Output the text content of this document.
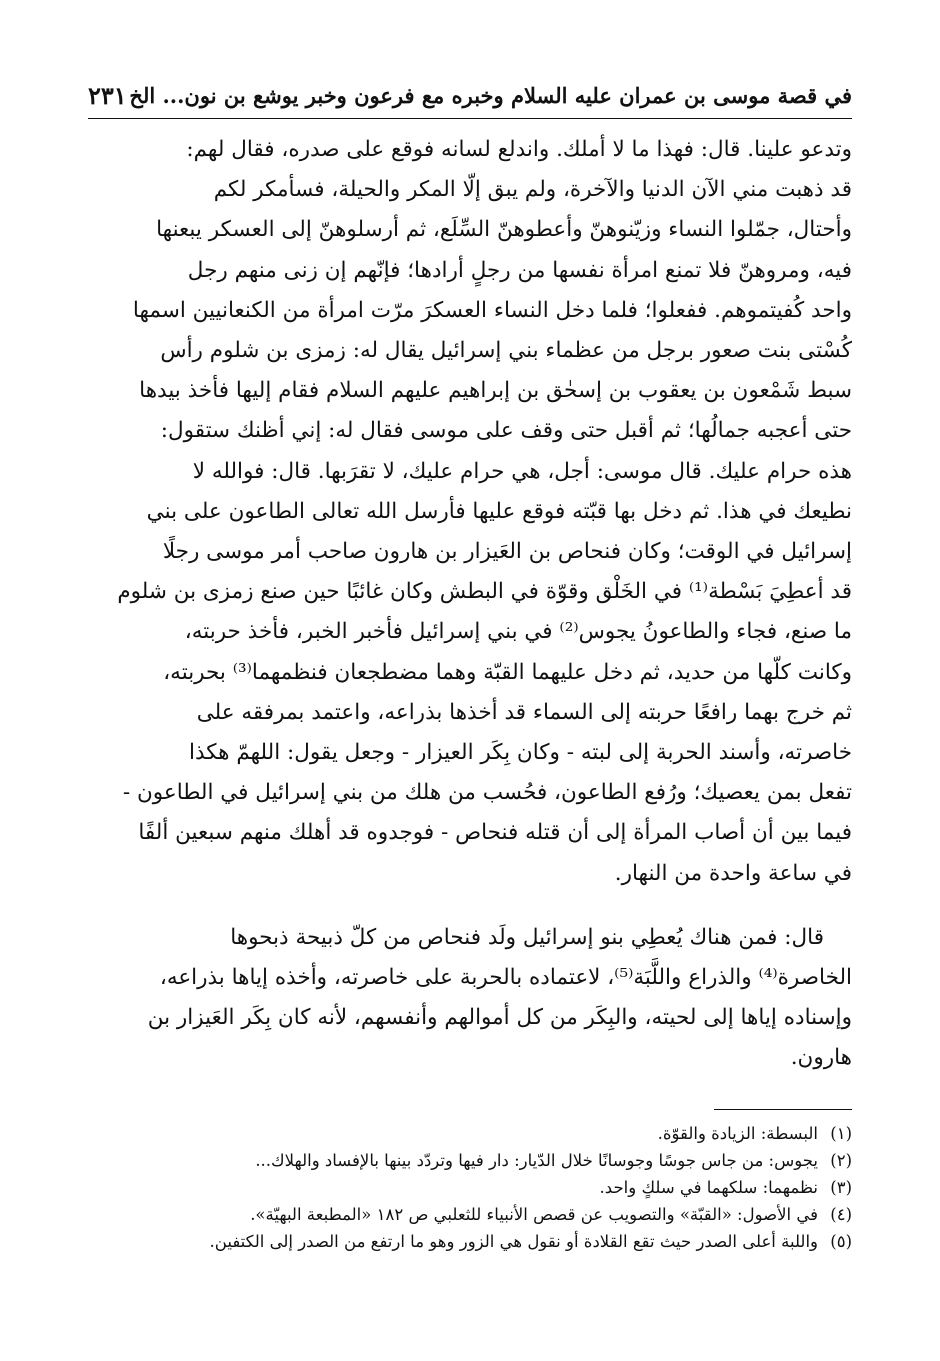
في قصة موسى بن عمران عليه السلام وخبره مع فرعون وخبر يوشع بن نون... الخ
٢٣١

وتدعو علينا. قال: فهذا ما لا أملك. واندلع لسانه فوقع على صدره، فقال لهم:
قد ذهبت مني الآن الدنيا والآخرة، ولم يبق إلّا المكر والحيلة، فسأمكر لكم
وأحتال، جمّلوا النساء وزيّنوهنّ وأعطوهنّ السِّلَع، ثم أرسلوهنّ إلى العسكر يبعنها
فيه، ومروهنّ فلا تمنع امرأة نفسها من رجلٍ أرادها؛ فإنّهم إن زنى منهم رجل
واحد كُفيتموهم. ففعلوا؛ فلما دخل النساء العسكرَ مرّت امرأة من الكنعانيين اسمها
كُسْتى بنت صعور برجل من عظماء بني إسرائيل يقال له: زمزى بن شلوم رأس
سبط شَمْعون بن يعقوب بن إسحٰق بن إبراهيم عليهم السلام فقام إليها فأخذ بيدها
حتى أعجبه جمالُها؛ ثم أقبل حتى وقف على موسى فقال له: إني أظنك ستقول:
هذه حرام عليك. قال موسى: أجل، هي حرام عليك، لا تقرَبها. قال: فوالله لا
نطيعك في هذا. ثم دخل بها قبّته فوقع عليها فأرسل الله تعالى الطاعون على بني
إسرائيل في الوقت؛ وكان فنحاص بن العَيزار بن هارون صاحب أمر موسى رجلًا
قد أعطِيَ بَسْطة⁽¹⁾ في الخَلْق وقوّة في البطش وكان غائبًا حين صنع زمزى بن شلوم
ما صنع، فجاء والطاعونُ يجوس⁽²⁾ في بني إسرائيل فأخبر الخبر، فأخذ حربته،
وكانت كلّها من حديد، ثم دخل عليهما القبّة وهما مضطجعان فنظمهما⁽³⁾ بحربته،
ثم خرج بهما رافعًا حربته إلى السماء قد أخذها بذراعه، واعتمد بمرفقه على
خاصرته، وأسند الحربة إلى لبته - وكان بِكَر العيزار - وجعل يقول: اللهمّ هكذا
تفعل بمن يعصيك؛ ورُفع الطاعون، فحُسب من هلك من بني إسرائيل في الطاعون -
فيما بين أن أصاب المرأة إلى أن قتله فنحاص - فوجدوه قد أهلك منهم سبعين ألفًا
في ساعة واحدة من النهار.

قال: فمن هناك يُعطِي بنو إسرائيل ولَد فنحاص من كلّ ذبيحة ذبحوها
الخاصرة⁽⁴⁾ والذراع واللَّبَة⁽⁵⁾، لاعتماده بالحربة على خاصرته، وأخذه إياها بذراعه،
وإسناده إياها إلى لحيته، والبِكَر من كل أموالهم وأنفسهم، لأنه كان بِكَر العَيزار بن
هارون.

(١)
البسطة: الزيادة والقوّة.
(٢)
يجوس: من جاس جوسًا وجوسانًا خلال الدّيار: دار فيها وتردّد بينها بالإفساد والهلاك...
(٣)
نظمهما: سلكهما في سلكٍ واحد.
(٤)
في الأصول: «القبّة» والتصويب عن قصص الأنبياء للثعلبي ص ١٨٢ «المطبعة البهيّة».
(٥)
واللبة أعلى الصدر حيث تقع القلادة أو نقول هي الزور وهو ما ارتفع من الصدر إلى الكتفين.
